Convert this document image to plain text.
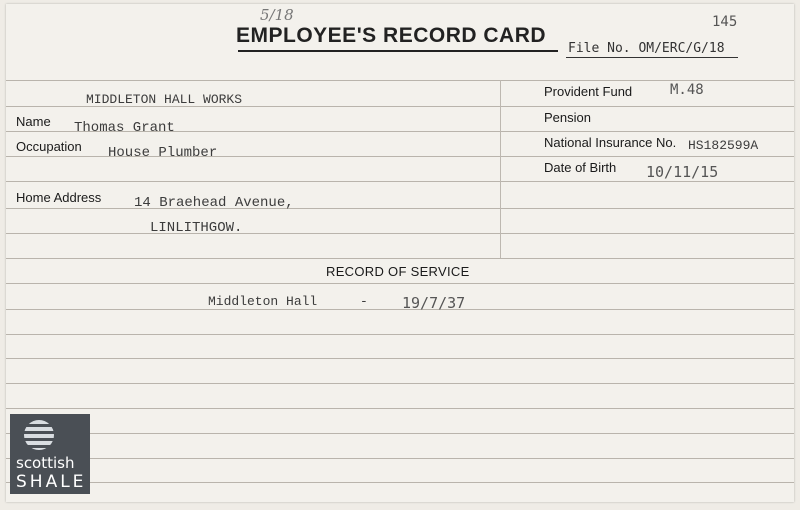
5/18	145
EMPLOYEE'S RECORD CARD
File No. OM/ERC/G/18
MIDDLETON HALL WORKS
Name Thomas Grant
Occupation House Plumber
Home Address 14 Braehead Avenue,
LINLITHGOW.
Provident Fund	M.48
Pension
National Insurance No. HS182599A
Date of Birth 10/11/15
RECORD OF SERVICE
Middleton Hall	- 19/7/37
scottish
SHALE
